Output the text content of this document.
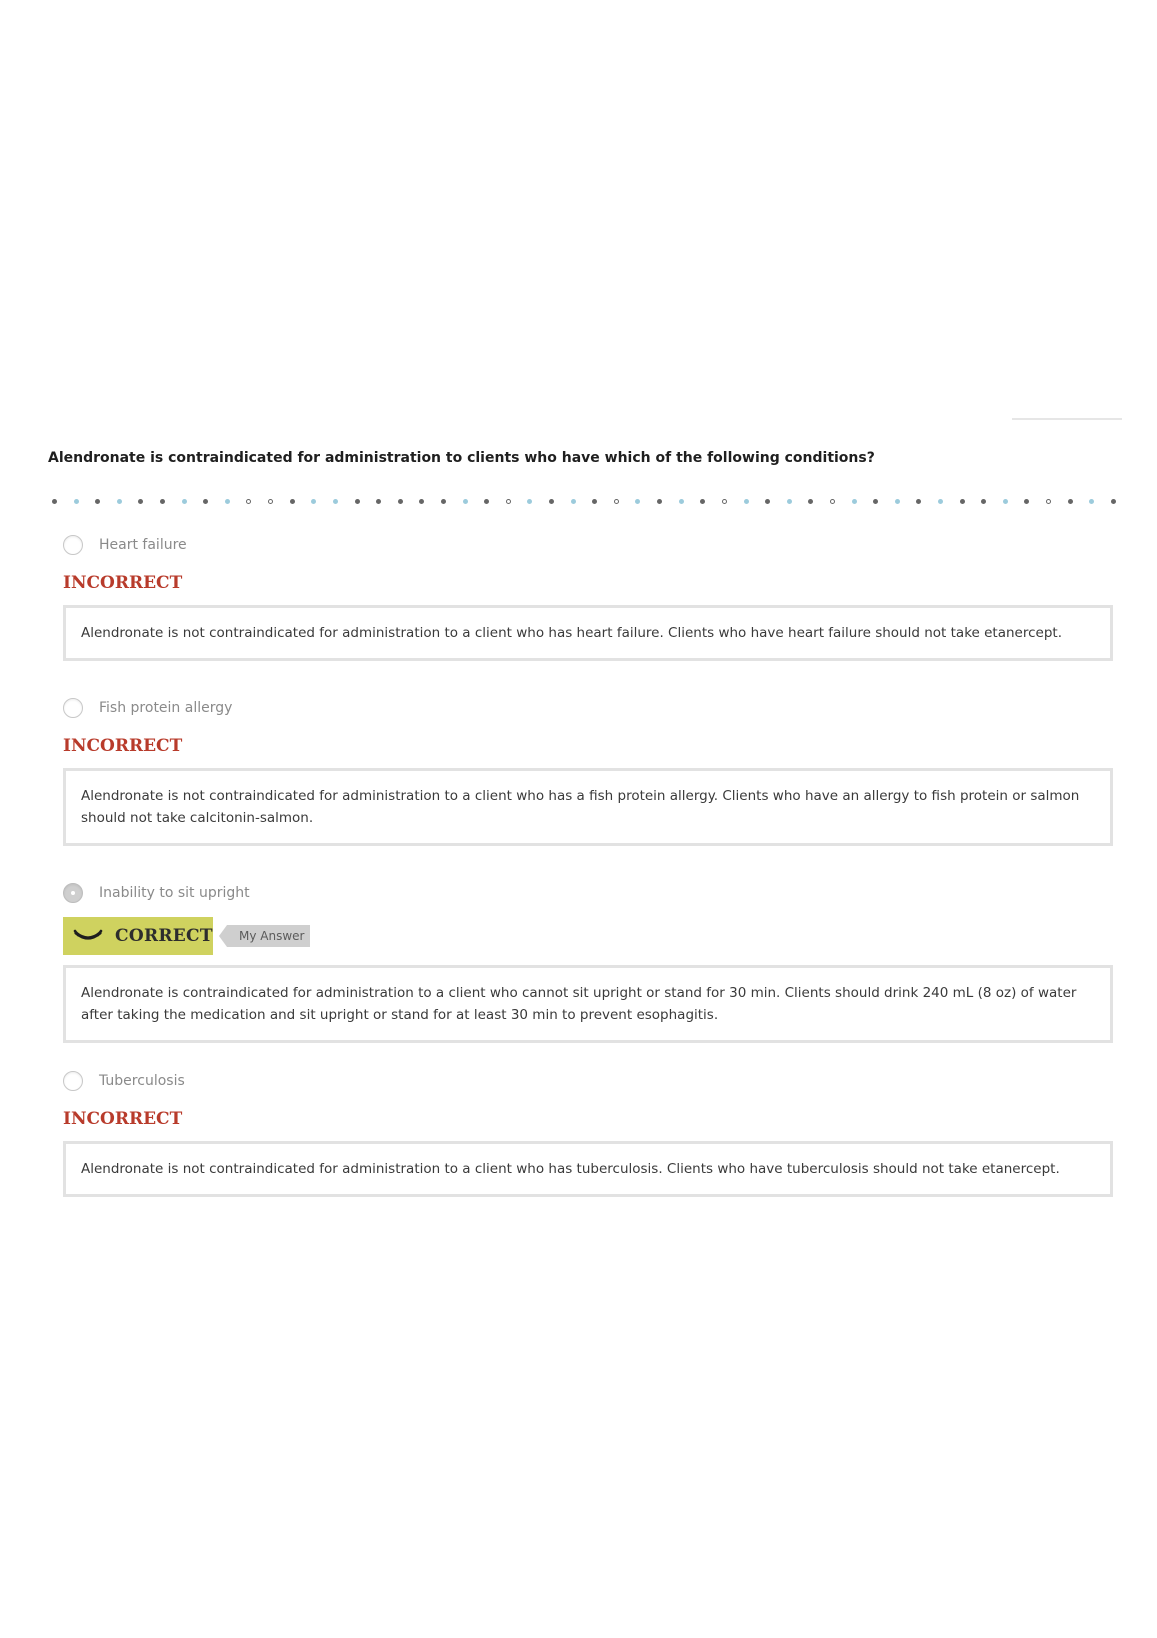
Alendronate is contraindicated for administration to clients who have which of the following conditions?
Heart failure
INCORRECT
Alendronate is not contraindicated for administration to a client who has heart failure. Clients who have heart failure should not take etanercept.
Fish protein allergy
INCORRECT
Alendronate is not contraindicated for administration to a client who has a fish protein allergy. Clients who have an allergy to fish protein or salmon should not take calcitonin-salmon.
Inability to sit upright
CORRECT	My Answer
Alendronate is contraindicated for administration to a client who cannot sit upright or stand for 30 min. Clients should drink 240 mL (8 oz) of water after taking the medication and sit upright or stand for at least 30 min to prevent esophagitis.
Tuberculosis
INCORRECT
Alendronate is not contraindicated for administration to a client who has tuberculosis. Clients who have tuberculosis should not take etanercept.
